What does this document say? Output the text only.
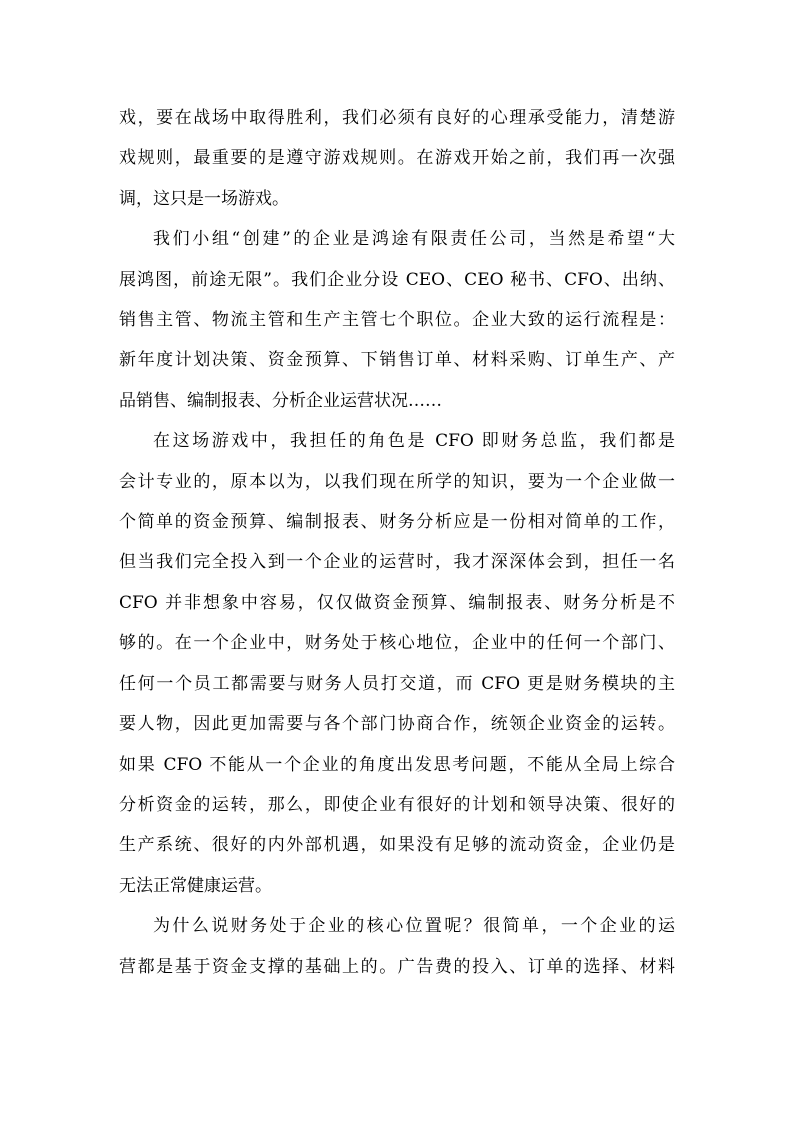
戏，要在战场中取得胜利，我们必须有良好的心理承受能力，清楚游
戏规则，最重要的是遵守游戏规则。在游戏开始之前，我们再一次强
调，这只是一场游戏。

我们小组“创建”的企业是鸿途有限责任公司，当然是希望“大
展鸿图，前途无限”。我们企业分设 CEO、CEO 秘书、CFO、出纳、
销售主管、物流主管和生产主管七个职位。企业大致的运行流程是：
新年度计划决策、资金预算、下销售订单、材料采购、订单生产、产
品销售、编制报表、分析企业运营状况……

在这场游戏中，我担任的角色是 CFO 即财务总监，我们都是
会计专业的，原本以为，以我们现在所学的知识，要为一个企业做一
个简单的资金预算、编制报表、财务分析应是一份相对简单的工作，
但当我们完全投入到一个企业的运营时，我才深深体会到，担任一名
CFO 并非想象中容易，仅仅做资金预算、编制报表、财务分析是不
够的。在一个企业中，财务处于核心地位，企业中的任何一个部门、
任何一个员工都需要与财务人员打交道，而 CFO 更是财务模块的主
要人物，因此更加需要与各个部门协商合作，统领企业资金的运转。
如果 CFO 不能从一个企业的角度出发思考问题，不能从全局上综合
分析资金的运转，那么，即使企业有很好的计划和领导决策、很好的
生产系统、很好的内外部机遇，如果没有足够的流动资金，企业仍是
无法正常健康运营。

为什么说财务处于企业的核心位置呢？很简单，一个企业的运
营都是基于资金支撑的基础上的。广告费的投入、订单的选择、材料
